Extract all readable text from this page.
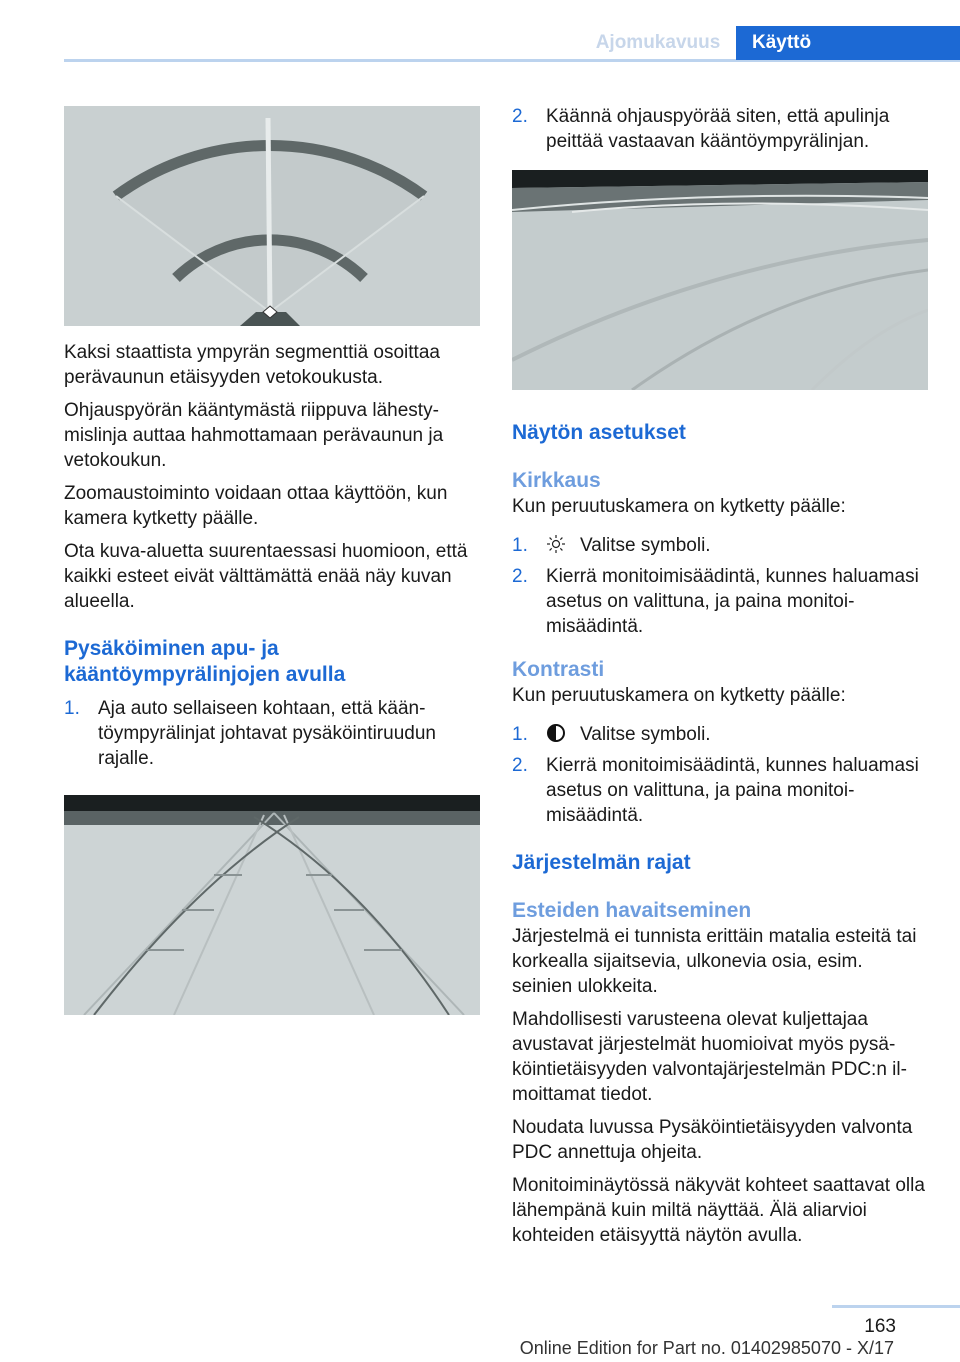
Ajomukavuus	Käyttö

Kaksi staattista ympyrän segmenttiä osoittaa perävaunun etäisyyden vetokoukusta.

Ohjauspyörän kääntymästä riippuva lähestymislinja auttaa hahmottamaan perävaunun ja vetokoukun.

Zoomaustoiminto voidaan ottaa käyttöön, kun kamera kytketty päälle.

Ota kuva-aluetta suurentaessasi huomioon, että kaikki esteet eivät välttämättä enää näy kuvan alueella.

Pysäköiminen apu- ja kääntöympyrälinjojen avulla
1. Aja auto sellaiseen kohtaan, että kääntöympyrälinjat johtavat pysäköintiruudun rajalle.
2. Käännä ohjauspyörää siten, että apulinja peittää vastaavan kääntöympyrälinjan.
Näytön asetukset
Kirkkaus

Kun peruutuskamera on kytketty päälle:

1.	Valitse symboli.
2. Kierrä monitoimisäädintä, kunnes haluamasi asetus on valittuna, ja paina monitoimisäädintä.
Kontrasti

Kun peruutuskamera on kytketty päälle:

1.	Valitse symboli.
2. Kierrä monitoimisäädintä, kunnes haluamasi asetus on valittuna, ja paina monitoimisäädintä.
Järjestelmän rajat
Esteiden havaitseminen

Järjestelmä ei tunnista erittäin matalia esteitä tai korkealla sijaitsevia, ulkonevia osia, esim. seinien ulokkeita.

Mahdollisesti varusteena olevat kuljettajaa avustavat järjestelmät huomioivat myös pysäköintietäisyyden valvontajärjestelmän PDC:n ilmoittamat tiedot.

Noudata luvussa Pysäköintietäisyyden valvonta PDC annettuja ohjeita.

Monitoiminäytössä näkyvät kohteet saattavat olla lähempänä kuin miltä näyttää. Älä aliarvioi kohteiden etäisyyttä näytön avulla.

163
Online Edition for Part no. 01402985070 - X/17
